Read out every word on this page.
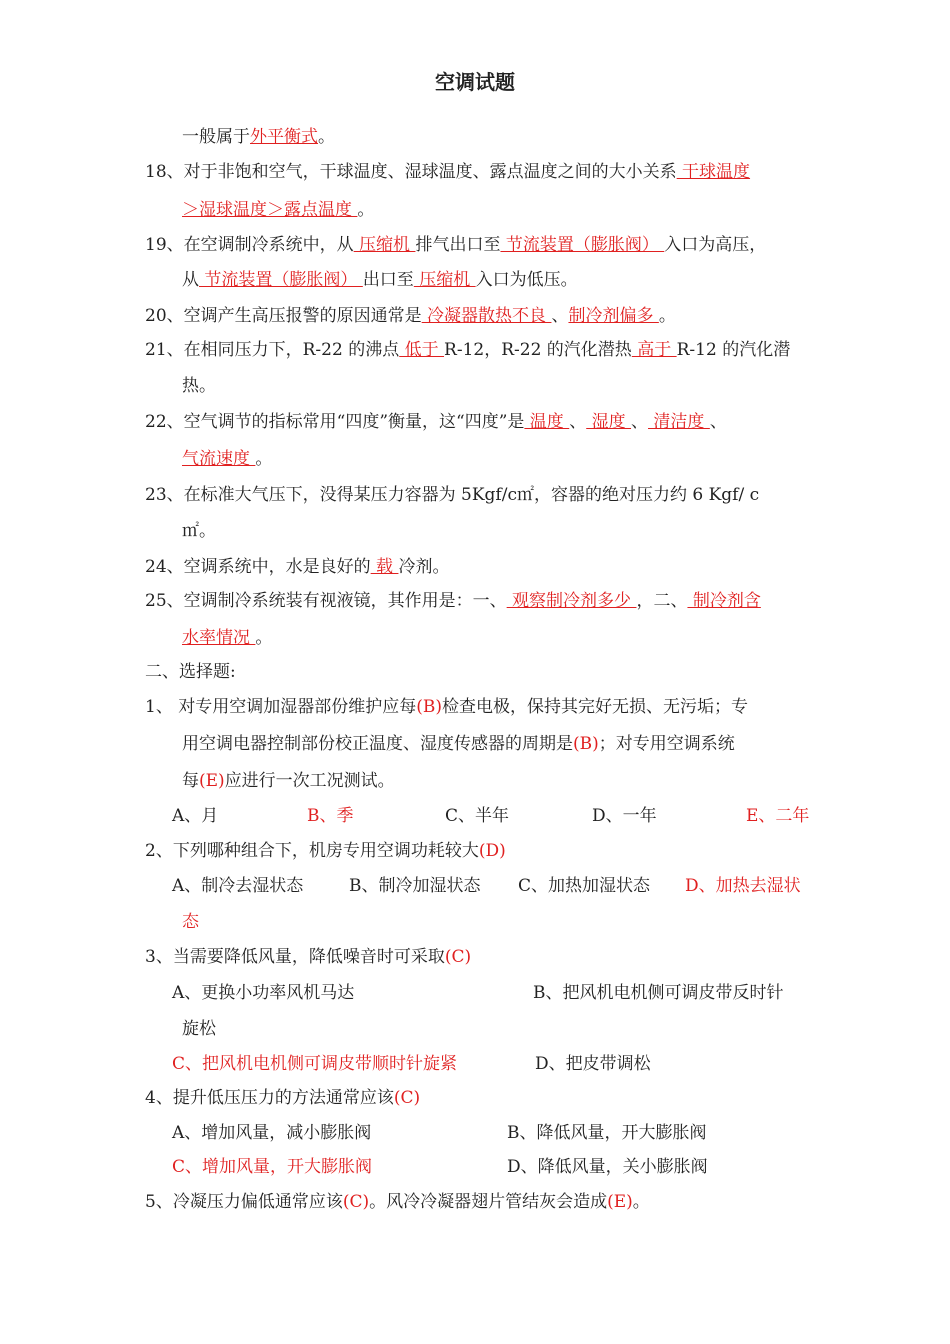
空调试题
一般属于外平衡式。
18、对于非饱和空气，干球温度、湿球温度、露点温度之间的大小关系 干球温度
＞湿球温度＞露点温度 。
19、在空调制冷系统中，从 压缩机 排气出口至 节流装置（膨胀阀） 入口为高压，
从 节流装置（膨胀阀） 出口至 压缩机 入口为低压。
20、空调产生高压报警的原因通常是 冷凝器散热不良 、制冷剂偏多 。
21、在相同压力下，R-22 的沸点 低于 R-12，R-22 的汽化潜热 高于 R-12 的汽化潜
热。
22、空气调节的指标常用“四度”衡量，这“四度”是 温度 、 湿度 、 清洁度 、
气流速度 。
23、在标准大气压下，没得某压力容器为 5Kgf/c㎡，容器的绝对压力约 6 Kgf/ c
㎡。
24、空调系统中，水是良好的 载 冷剂。
25、空调制冷系统装有视液镜，其作用是：一、 观察制冷剂多少 ，二、 制冷剂含
水率情况 。
二、选择题:
1、 对专用空调加湿器部份维护应每(B)检查电极，保持其完好无损、无污垢；专
用空调电器控制部份校正温度、湿度传感器的周期是(B)；对专用空调系统
每(E)应进行一次工况测试。
A、月	B、季	C、半年	D、一年	E、二年
2、下列哪种组合下，机房专用空调功耗较大(D)
A、制冷去湿状态	B、制冷加湿状态 C、加热加湿状态 D、加热去湿状
态
3、当需要降低风量，降低噪音时可采取(C)
A、更换小功率风机马达	B、把风机电机侧可调皮带反时针
旋松
C、把风机电机侧可调皮带顺时针旋紧	D、把皮带调松
4、提升低压压力的方法通常应该(C)
A、增加风量，减小膨胀阀	B、降低风量，开大膨胀阀
C、增加风量，开大膨胀阀	D、降低风量，关小膨胀阀
5、冷凝压力偏低通常应该(C)。风冷冷凝器翅片管结灰会造成(E)。
